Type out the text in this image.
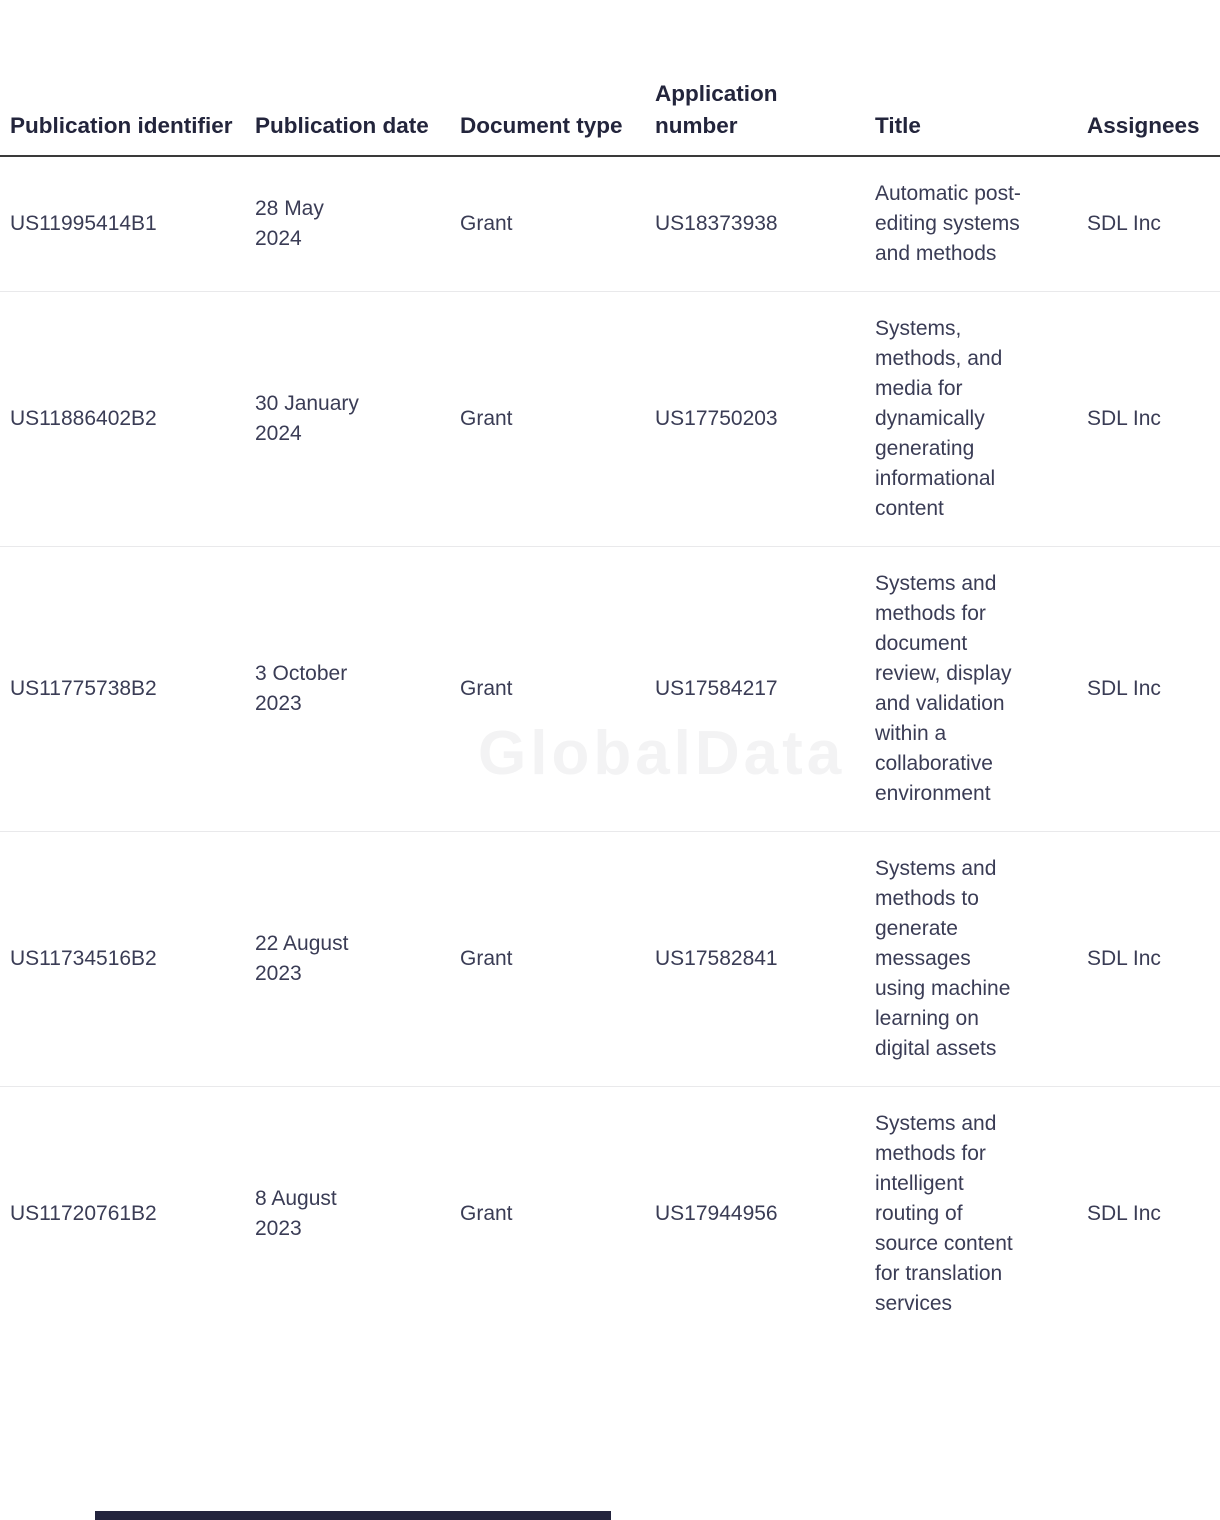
GlobalData
Publication identifier	Publication date	Document type	Application number	Title	Assignees

US11995414B1	28 May 2024	Grant	US18373938	Automatic post-editing systems and methods	SDL Inc

US11886402B2	30 January 2024	Grant	US17750203	Systems, methods, and media for dynamically generating informational content	SDL Inc

US11775738B2	3 October 2023	Grant	US17584217	Systems and methods for document review, display and validation within a collaborative environment	SDL Inc

US11734516B2	22 August 2023	Grant	US17582841	Systems and methods to generate messages using machine learning on digital assets	SDL Inc

US11720761B2	8 August 2023	Grant	US17944956	Systems and methods for intelligent routing of source content for translation services	SDL Inc
